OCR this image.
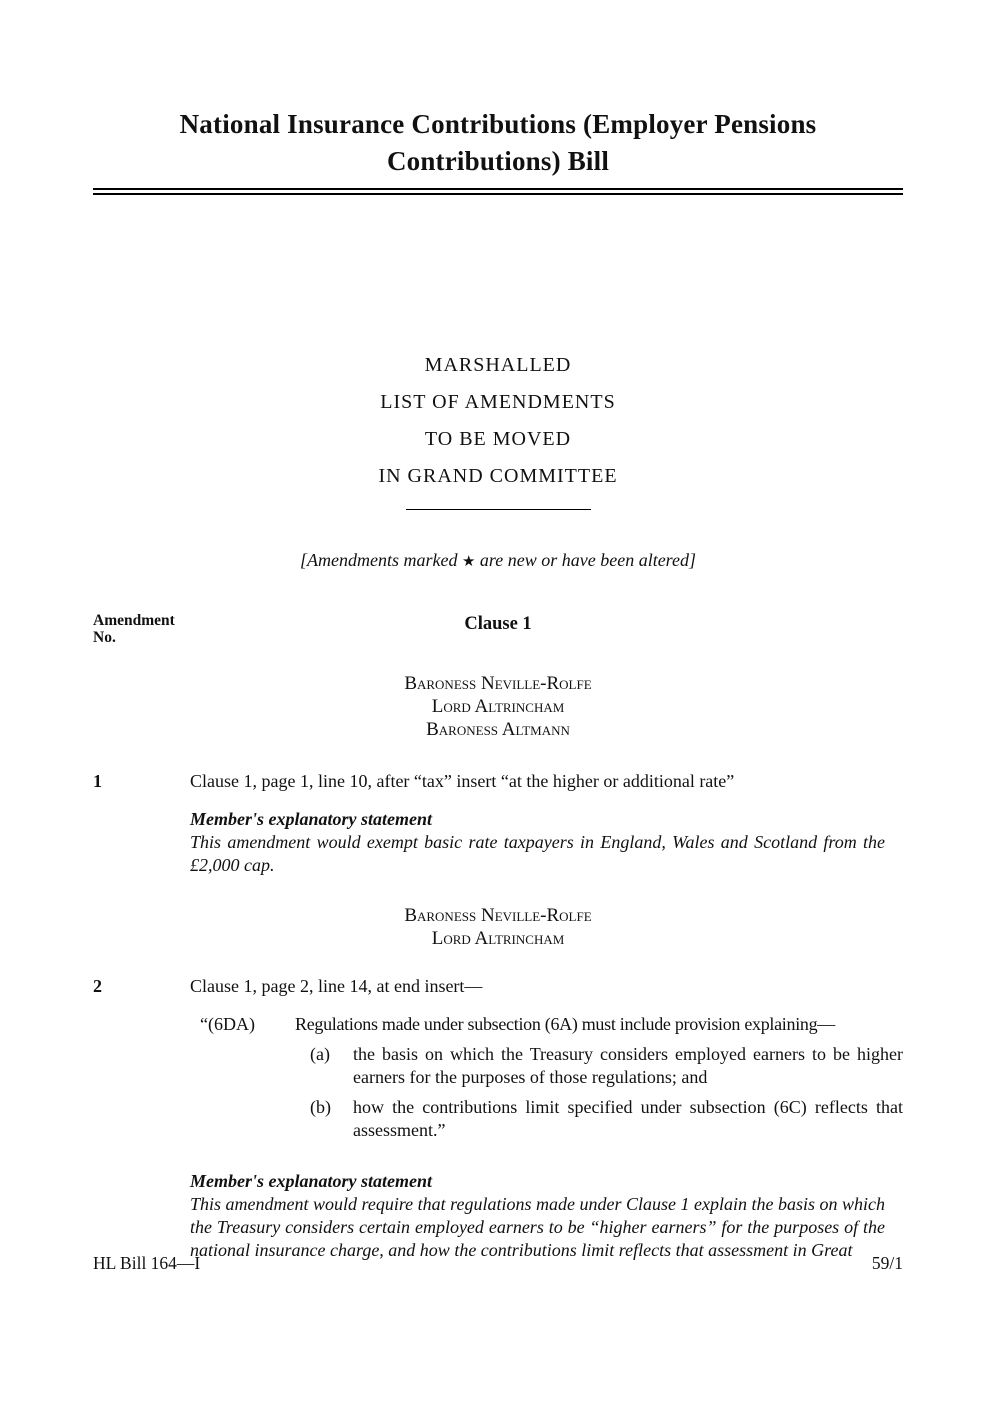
National Insurance Contributions (Employer Pensions Contributions) Bill
MARSHALLED
LIST OF AMENDMENTS
TO BE MOVED
IN GRAND COMMITTEE
[Amendments marked ★ are new or have been altered]
Amendment
No.
Clause 1
Baroness Neville-Rolfe
Lord Altrincham
Baroness Altmann
1	Clause 1, page 1, line 10, after “tax” insert “at the higher or additional rate”
Member's explanatory statement
This amendment would exempt basic rate taxpayers in England, Wales and Scotland from the £2,000 cap.
Baroness Neville-Rolfe
Lord Altrincham
2	Clause 1, page 2, line 14, at end insert—
“(6DA)	Regulations made under subsection (6A) must include provision explaining—
(a)	the basis on which the Treasury considers employed earners to be higher earners for the purposes of those regulations; and
(b)	how the contributions limit specified under subsection (6C) reflects that assessment.”
Member's explanatory statement
This amendment would require that regulations made under Clause 1 explain the basis on which the Treasury considers certain employed earners to be “higher earners” for the purposes of the national insurance charge, and how the contributions limit reflects that assessment in Great
HL Bill 164—I	59/1
